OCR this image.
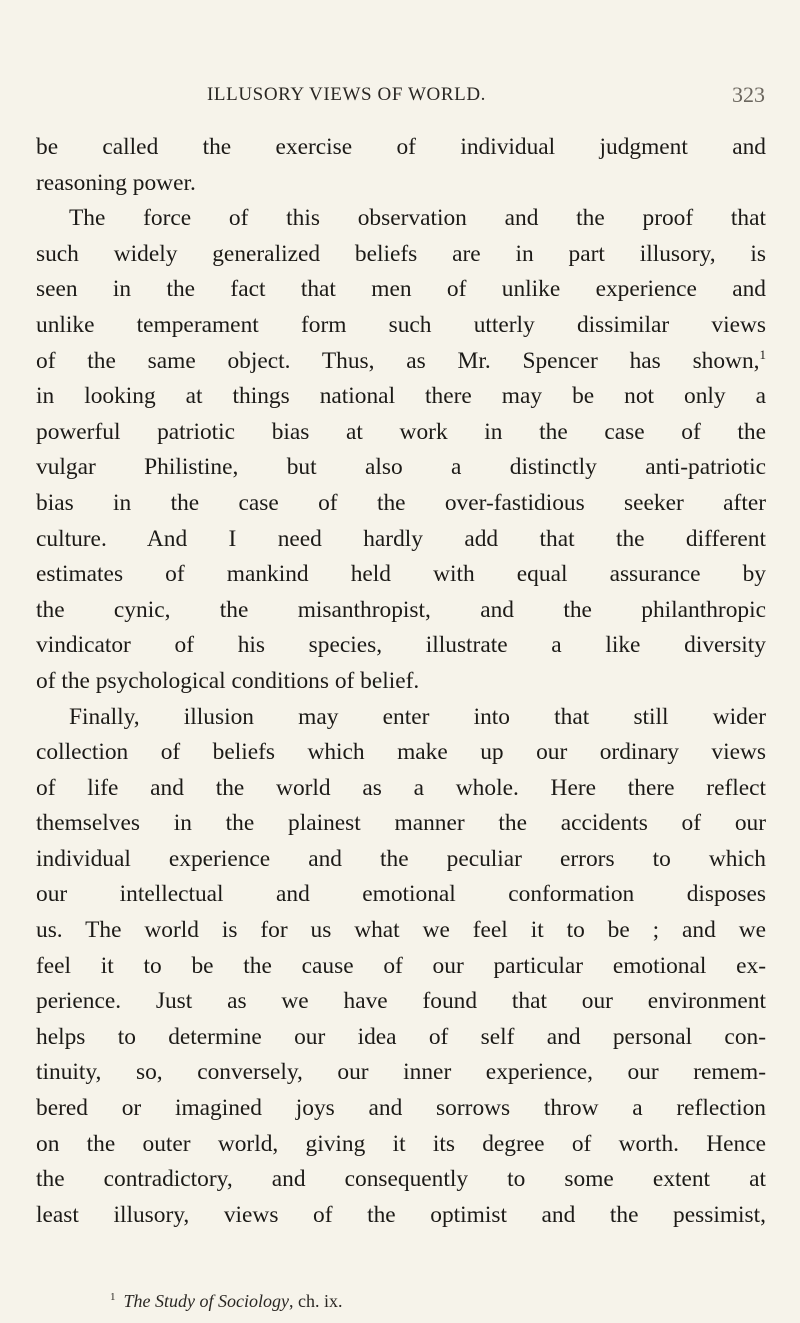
ILLUSORY VIEWS OF WORLD.	323
be called the exercise of individual judgment and
reasoning power.
The force of this observation and the proof that
such widely generalized beliefs are in part illusory, is
seen in the fact that men of unlike experience and
unlike temperament form such utterly dissimilar views
of the same object. Thus, as Mr. Spencer has shown,$^1$
in looking at things national there may be not only a
powerful patriotic bias at work in the case of the
vulgar Philistine, but also a distinctly anti-patriotic
bias in the case of the over-fastidious seeker after
culture. And I need hardly add that the different
estimates of mankind held with equal assurance by
the cynic, the misanthropist, and the philanthropic
vindicator of his species, illustrate a like diversity
of the psychological conditions of belief.
Finally, illusion may enter into that still wider
collection of beliefs which make up our ordinary views
of life and the world as a whole. Here there reflect
themselves in the plainest manner the accidents of our
individual experience and the peculiar errors to which
our intellectual and emotional conformation disposes
us. The world is for us what we feel it to be ; and we
feel it to be the cause of our particular emotional ex-
perience. Just as we have found that our environment
helps to determine our idea of self and personal con-
tinuity, so, conversely, our inner experience, our remem-
bered or imagined joys and sorrows throw a reflection
on the outer world, giving it its degree of worth. Hence
the contradictory, and consequently to some extent at
least illusory, views of the optimist and the pessimist,
$^1$ The Study of Sociology, ch. ix.
